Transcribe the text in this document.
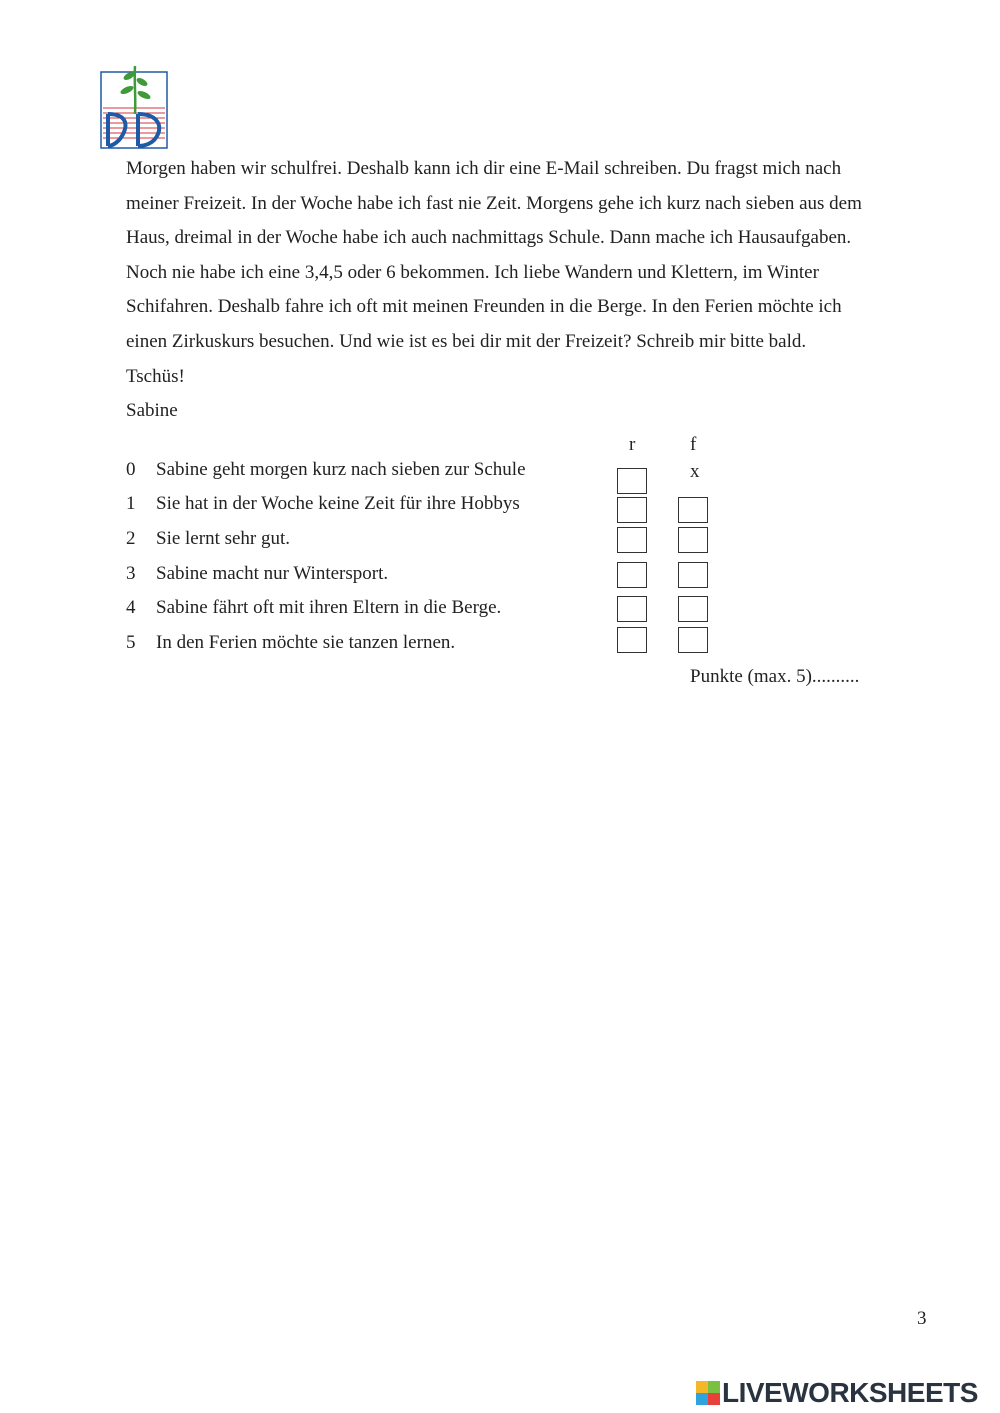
Morgen haben wir schulfrei. Deshalb kann ich dir eine E-Mail schreiben. Du fragst mich nach
meiner Freizeit. In der Woche habe ich fast nie Zeit. Morgens gehe ich kurz nach sieben aus dem
Haus, dreimal in der Woche habe ich auch nachmittags Schule. Dann mache ich Hausaufgaben.
Noch nie habe ich eine 3,4,5 oder 6 bekommen. Ich liebe Wandern und Klettern, im Winter
Schifahren. Deshalb fahre ich oft mit meinen Freunden in die Berge. In den Ferien möchte ich
einen Zirkuskurs besuchen. Und wie ist es bei dir mit der Freizeit? Schreib mir bitte bald.
Tschüs!
Sabine
r	f
0 Sabine geht morgen kurz nach sieben zur Schule
1 Sie hat in der Woche keine Zeit für ihre Hobbys
2 Sie lernt sehr gut.
3 Sabine macht nur Wintersport.
4 Sabine fährt oft mit ihren Eltern in die Berge.
5 In den Ferien möchte sie tanzen lernen.
x
Punkte (max. 5)..........
3
LIVEWORKSHEETS
